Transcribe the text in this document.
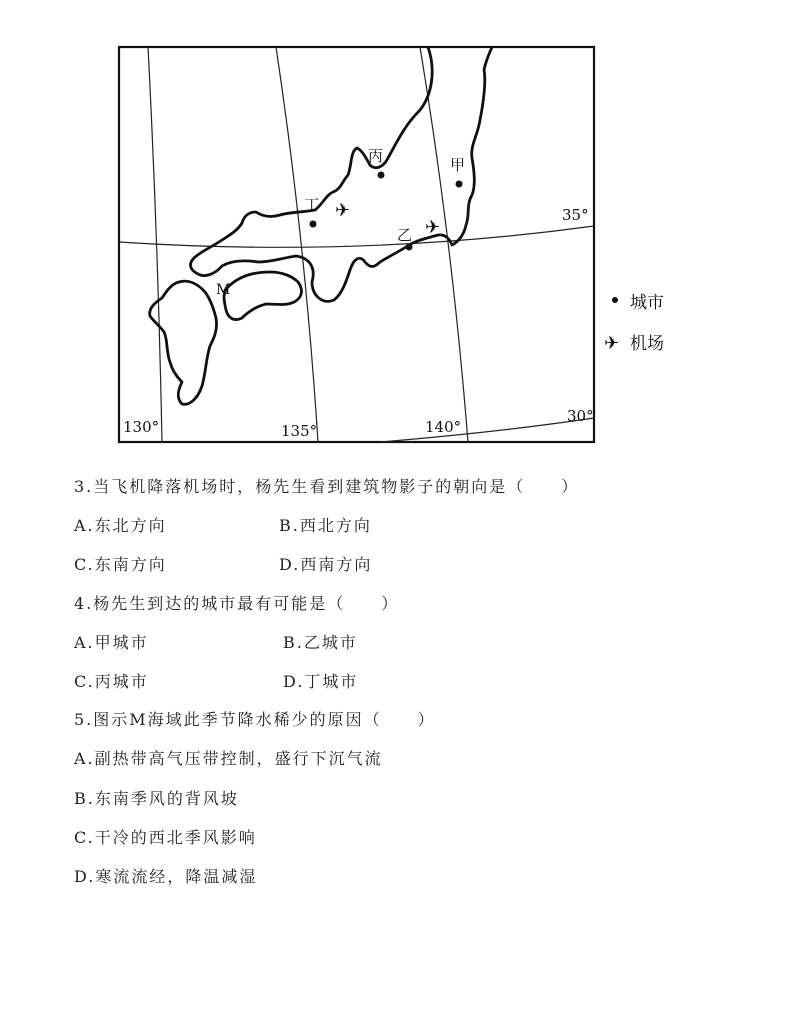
丙	甲
丁
乙
✈
✈
M
35°
30°
130°	135°	140°
城市
✈ 机场
3.当飞机降落机场时，杨先生看到建筑物影子的朝向是（　　）
A.东北方向	B.西北方向
C.东南方向	D.西南方向
4.杨先生到达的城市最有可能是（　　）
A.甲城市	B.乙城市
C.丙城市	D.丁城市
5.图示M海域此季节降水稀少的原因（　　）
A.副热带高气压带控制，盛行下沉气流
B.东南季风的背风坡
C.干冷的西北季风影响
D.寒流流经，降温减湿
